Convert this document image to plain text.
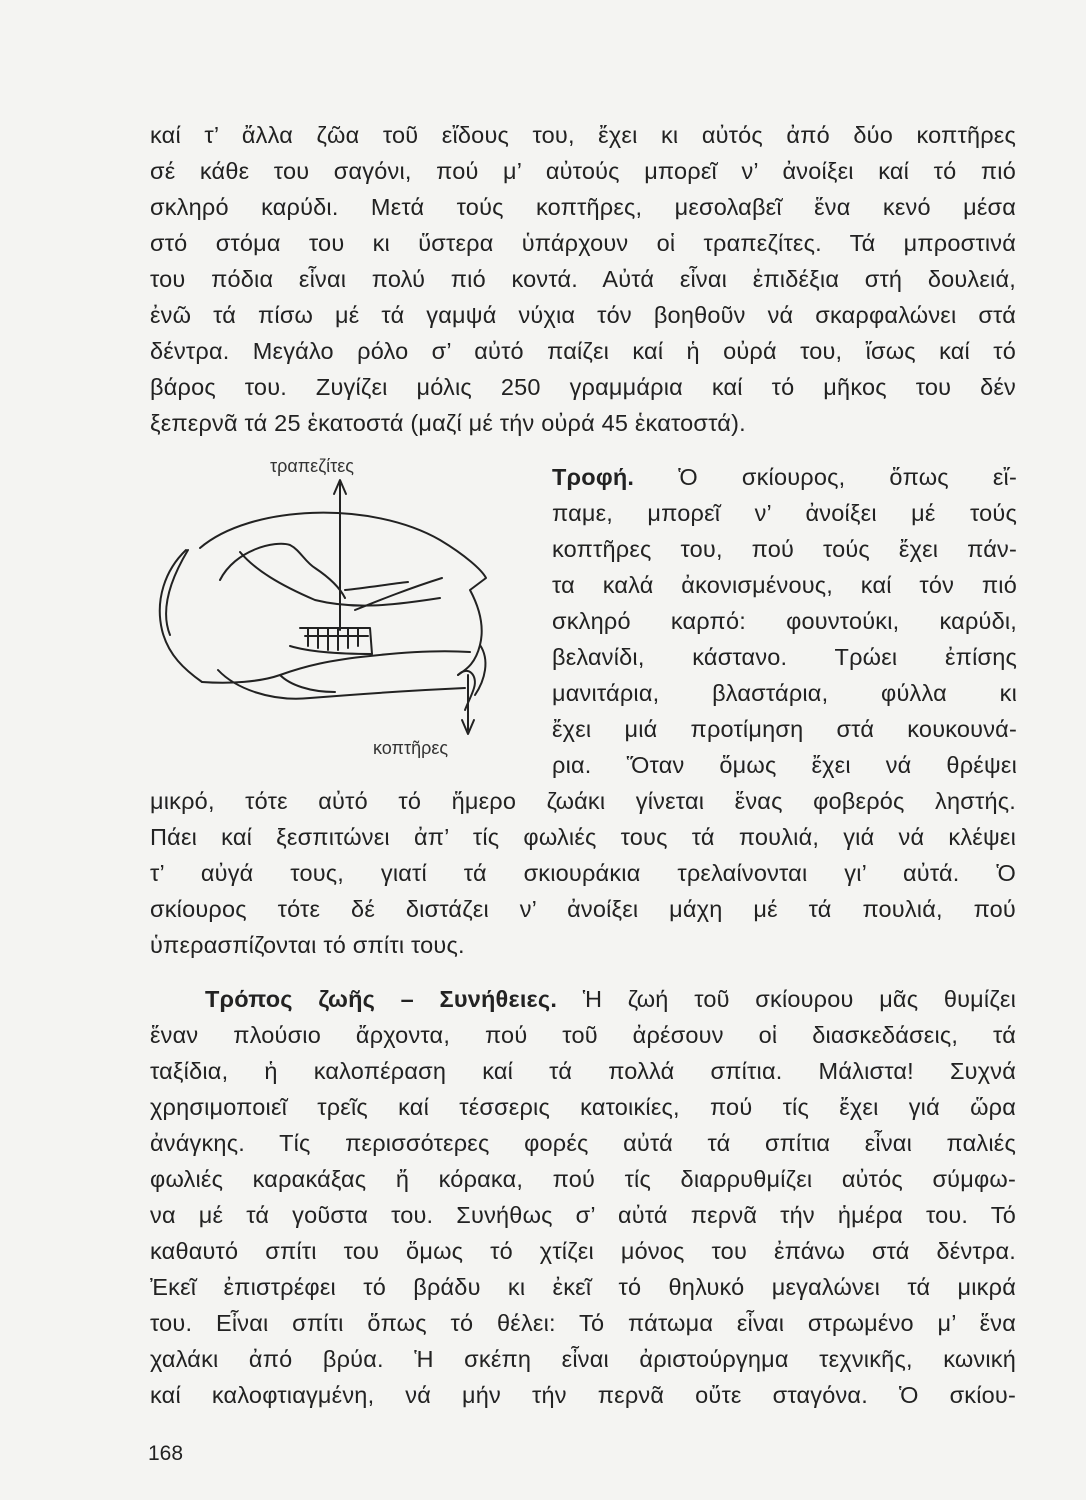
καί τ’ ἄλλα ζῶα τοῦ εἴδους του, ἔχει κι αὐτός ἀπό δύο κοπτῆρες
σέ κάθε του σαγόνι, πού μ’ αὐτούς μπορεῖ ν’ ἀνοίξει καί τό πιό
σκληρό καρύδι. Μετά τούς κοπτῆρες, μεσολαβεῖ ἕνα κενό μέσα
στό στόμα του κι ὕστερα ὑπάρχουν οἱ τραπεζίτες. Τά μπροστινά
του πόδια εἶναι πολύ πιό κοντά. Αὐτά εἶναι ἐπιδέξια στή δουλειά,
ἐνῶ τά πίσω μέ τά γαμψά νύχια τόν βοηθοῦν νά σκαρφαλώνει στά
δέντρα. Μεγάλο ρόλο σ’ αὐτό παίζει καί ἡ οὐρά του, ἴσως καί τό
βάρος του. Ζυγίζει μόλις 250 γραμμάρια καί τό μῆκος του δέν
ξεπερνᾶ τά 25 ἑκατοστά (μαζί μέ τήν οὐρά 45 ἑκατοστά).
τραπεζίτες
κοπτῆρες
Τροφή. Ὁ σκίουρος, ὅπως εἴ-
παμε, μπορεῖ ν’ ἀνοίξει μέ τούς
κοπτῆρες του, πού τούς ἔχει πάν-
τα καλά ἀκονισμένους, καί τόν πιό
σκληρό καρπό: φουντούκι, καρύδι,
βελανίδι, κάστανο. Τρώει ἐπίσης
μανιτάρια, βλαστάρια, φύλλα κι
ἔχει μιά προτίμηση στά κουκουνά-
ρια. Ὅταν ὅμως ἔχει νά θρέψει
μικρό, τότε αὐτό τό ἥμερο ζωάκι γίνεται ἕνας φοβερός ληστής.
Πάει καί ξεσπιτώνει ἀπ’ τίς φωλιές τους τά πουλιά, γιά νά κλέψει
τ’ αὐγά τους, γιατί τά σκιουράκια τρελαίνονται γι’ αὐτά. Ὁ
σκίουρος τότε δέ διστάζει ν’ ἀνοίξει μάχη μέ τά πουλιά, πού
ὑπερασπίζονται τό σπίτι τους.
Τρόπος ζωῆς – Συνήθειες. Ἡ ζωή τοῦ σκίουρου μᾶς θυμίζει
ἕναν πλούσιο ἄρχοντα, πού τοῦ ἀρέσουν οἱ διασκεδάσεις, τά
ταξίδια, ἡ καλοπέραση καί τά πολλά σπίτια. Μάλιστα! Συχνά
χρησιμοποιεῖ τρεῖς καί τέσσερις κατοικίες, πού τίς ἔχει γιά ὥρα
ἀνάγκης. Τίς περισσότερες φορές αὐτά τά σπίτια εἶναι παλιές
φωλιές καρακάξας ἤ κόρακα, πού τίς διαρρυθμίζει αὐτός σύμφω-
να μέ τά γοῦστα του. Συνήθως σ’ αὐτά περνᾶ τήν ἡμέρα του. Τό
καθαυτό σπίτι του ὅμως τό χτίζει μόνος του ἐπάνω στά δέντρα.
Ἐκεῖ ἐπιστρέφει τό βράδυ κι ἐκεῖ τό θηλυκό μεγαλώνει τά μικρά
του. Εἶναι σπίτι ὅπως τό θέλει: Τό πάτωμα εἶναι στρωμένο μ’ ἕνα
χαλάκι ἀπό βρύα. Ἡ σκέπη εἶναι ἀριστούργημα τεχνικῆς, κωνική
καί καλοφτιαγμένη, νά μήν τήν περνᾶ οὔτε σταγόνα. Ὁ σκίου-
168
